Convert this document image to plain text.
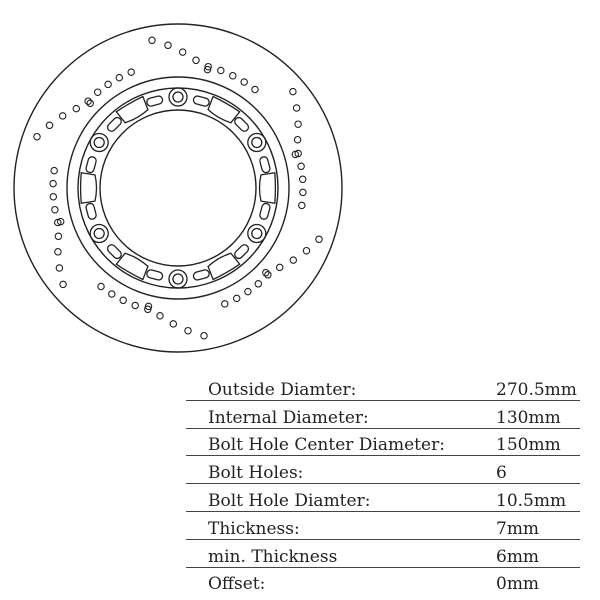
Outside Diamter:	270.5mm
Internal Diameter:	130mm
Bolt Hole Center Diameter:	150mm
Bolt Holes:	6
Bolt Hole Diamter:	10.5mm
Thickness:	7mm
min. Thickness	6mm
Offset:	0mm
